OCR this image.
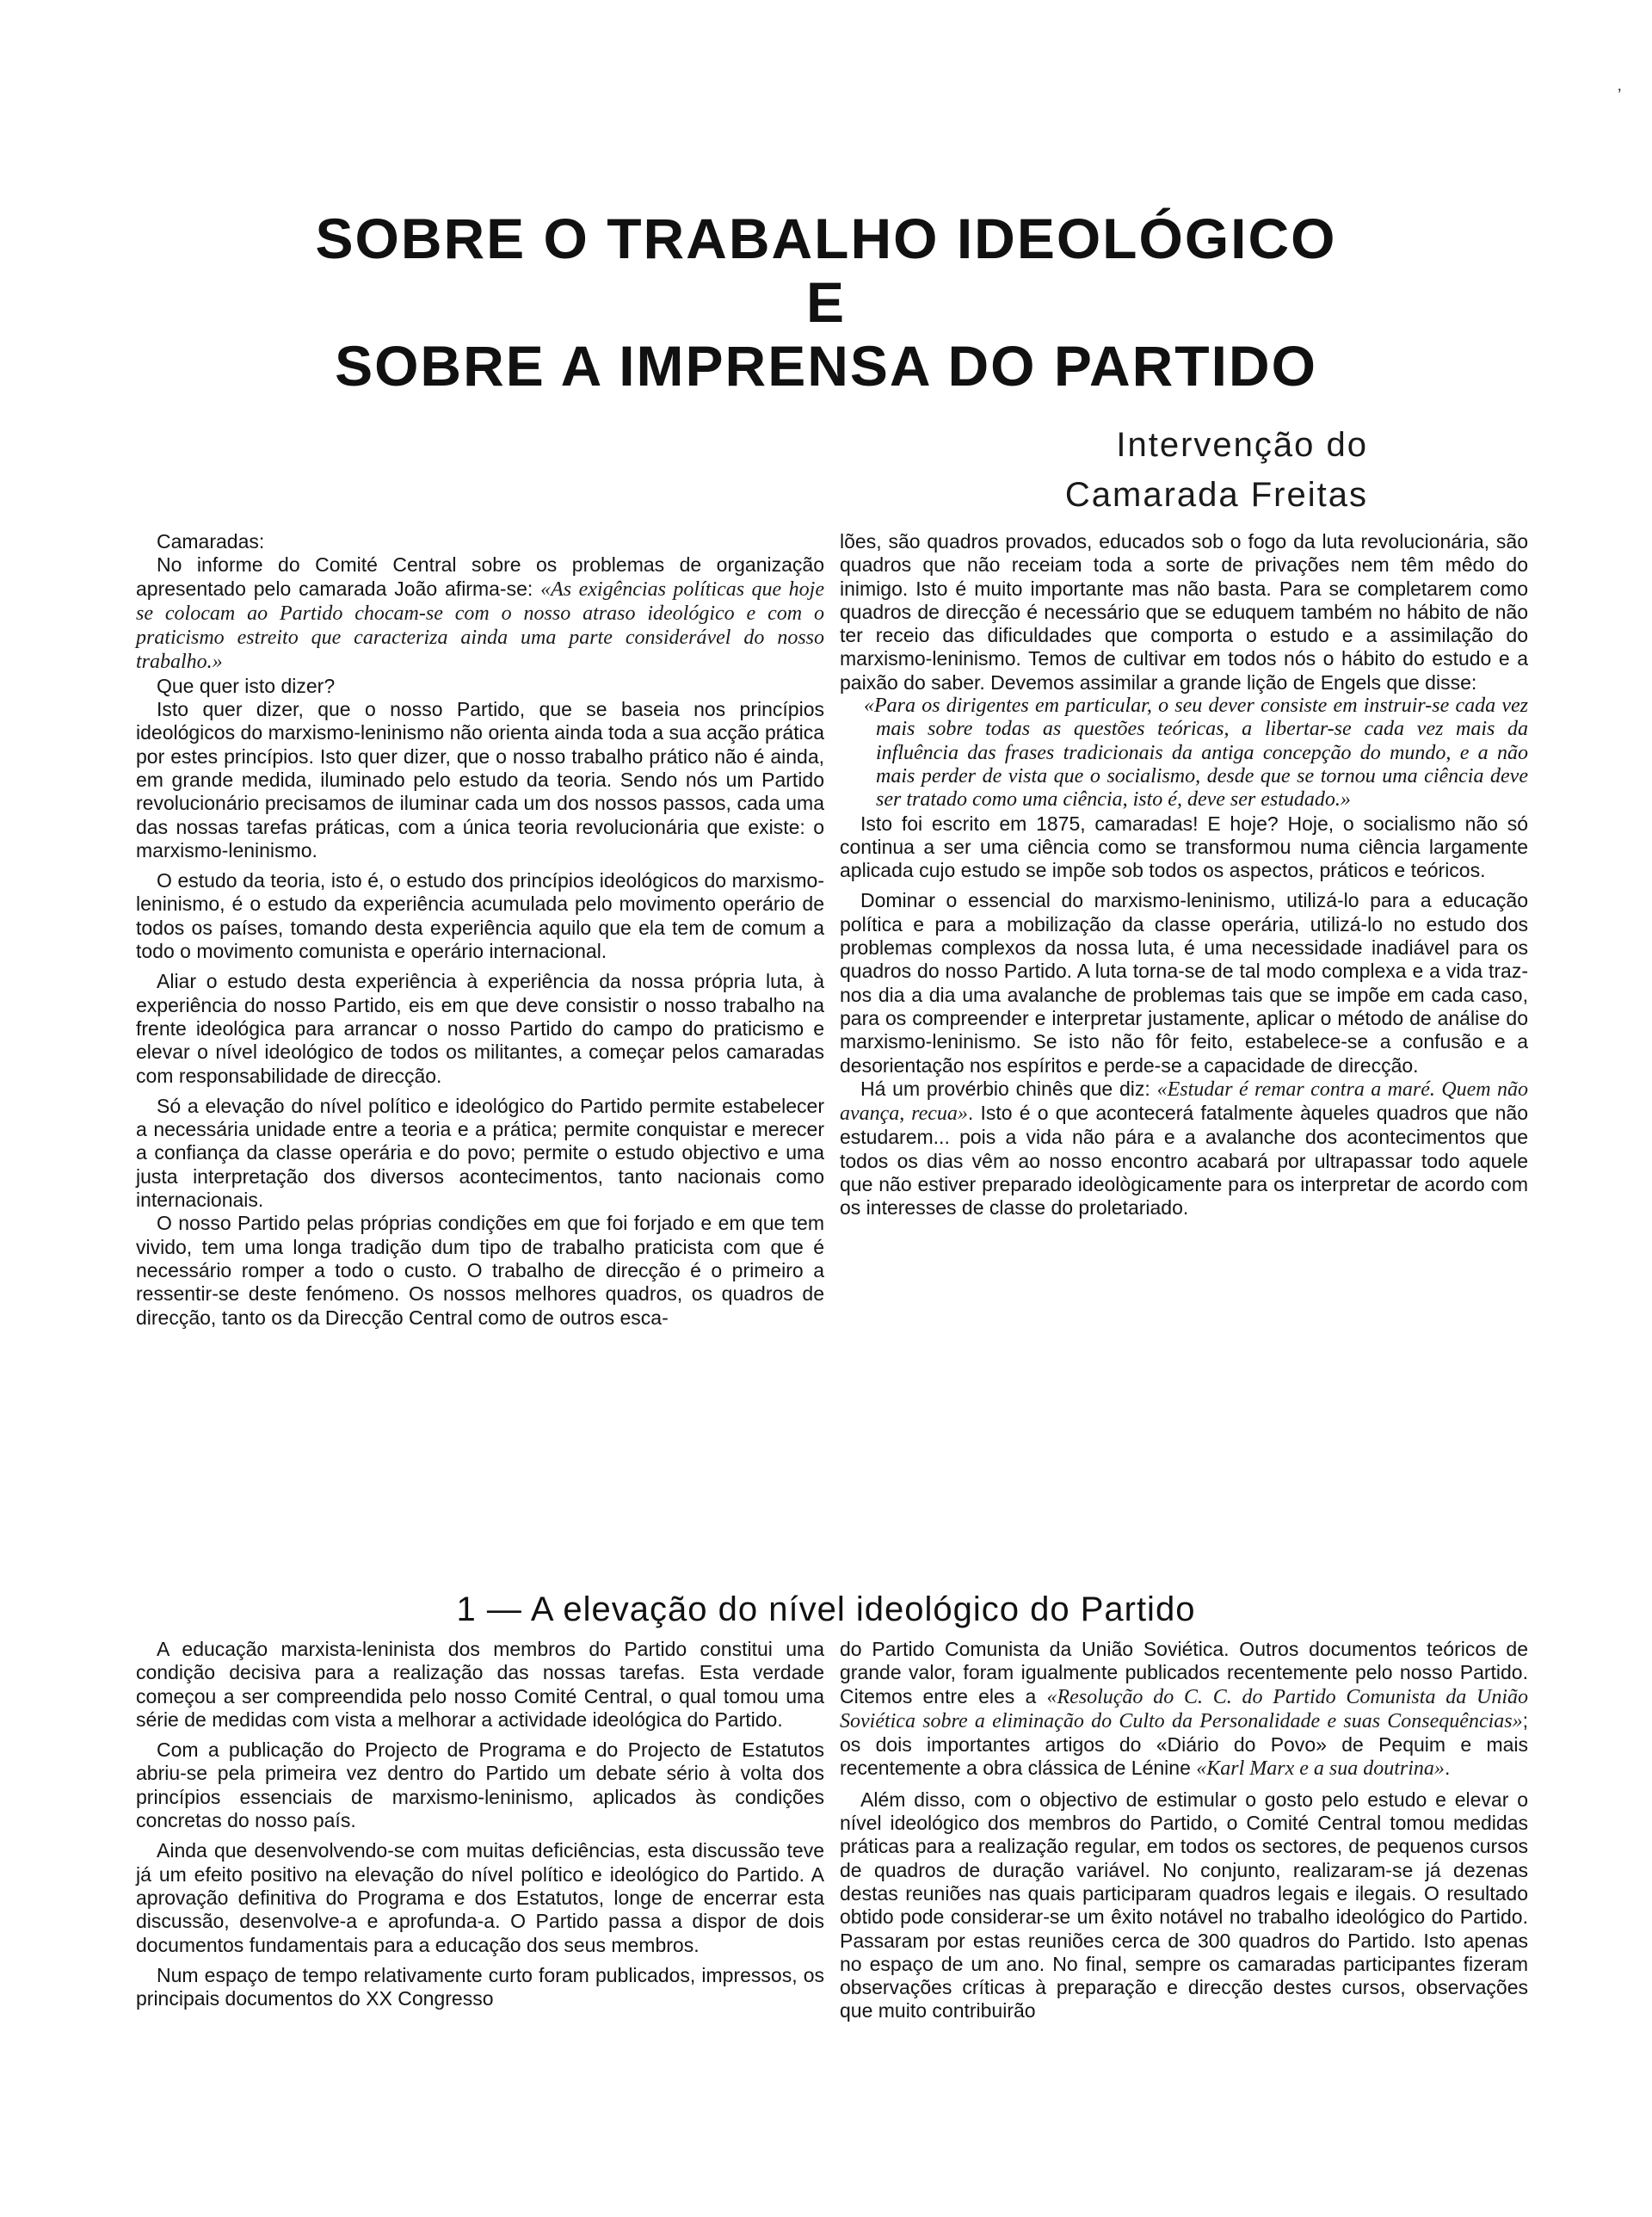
SOBRE O TRABALHO IDEOLÓGICO
E
SOBRE A IMPRENSA DO PARTIDO
Intervenção do
Camarada Freitas

Camaradas:

No informe do Comité Central sobre os problemas de organização apresentado pelo camarada João afirma-se: «As exigências políticas que hoje se colocam ao Partido chocam-se com o nosso atraso ideológico e com o praticismo estreito que caracteriza ainda uma parte considerável do nosso trabalho.»

Que quer isto dizer?

Isto quer dizer, que o nosso Partido, que se baseia nos princípios ideológicos do marxismo-leninismo não orienta ainda toda a sua acção prática por estes princípios. Isto quer dizer, que o nosso trabalho prático não é ainda, em grande medida, iluminado pelo estudo da teoria. Sendo nós um Partido revolucionário precisamos de iluminar cada um dos nossos passos, cada uma das nossas tarefas práticas, com a única teoria revolucionária que existe: o marxismo-leninismo.

O estudo da teoria, isto é, o estudo dos princípios ideológicos do marxismo-leninismo, é o estudo da experiência acumulada pelo movimento operário de todos os países, tomando desta experiência aquilo que ela tem de comum a todo o movimento comunista e operário internacional.

Aliar o estudo desta experiência à experiência da nossa própria luta, à experiência do nosso Partido, eis em que deve consistir o nosso trabalho na frente ideológica para arrancar o nosso Partido do campo do praticismo e elevar o nível ideológico de todos os militantes, a começar pelos camaradas com responsabilidade de direcção.

Só a elevação do nível político e ideológico do Partido permite estabelecer a necessária unidade entre a teoria e a prática; permite conquistar e merecer a confiança da classe operária e do povo; permite o estudo objectivo e uma justa interpretação dos diversos acontecimentos, tanto nacionais como internacionais.

O nosso Partido pelas próprias condições em que foi forjado e em que tem vivido, tem uma longa tradição dum tipo de trabalho praticista com que é necessário romper a todo o custo. O trabalho de direcção é o primeiro a ressentir-se deste fenómeno. Os nossos melhores quadros, os quadros de direcção, tanto os da Direcção Central como de outros esca-

lões, são quadros provados, educados sob o fogo da luta revolucionária, são quadros que não receiam toda a sorte de privações nem têm mêdo do inimigo. Isto é muito importante mas não basta. Para se completarem como quadros de direcção é necessário que se eduquem também no hábito de não ter receio das dificuldades que comporta o estudo e a assimilação do marxismo-leninismo. Temos de cultivar em todos nós o hábito do estudo e a paixão do saber. Devemos assimilar a grande lição de Engels que disse:

«Para os dirigentes em particular, o seu dever consiste em instruir-se cada vez mais sobre todas as questões teóricas, a libertar-se cada vez mais da influência das frases tradicionais da antiga concepção do mundo, e a não mais perder de vista que o socialismo, desde que se tornou uma ciência deve ser tratado como uma ciência, isto é, deve ser estudado.»

Isto foi escrito em 1875, camaradas! E hoje? Hoje, o socialismo não só continua a ser uma ciência como se transformou numa ciência largamente aplicada cujo estudo se impõe sob todos os aspectos, práticos e teóricos.

Dominar o essencial do marxismo-leninismo, utilizá-lo para a educação política e para a mobilização da classe operária, utilizá-lo no estudo dos problemas complexos da nossa luta, é uma necessidade inadiável para os quadros do nosso Partido. A luta torna-se de tal modo complexa e a vida traz-nos dia a dia uma avalanche de problemas tais que se impõe em cada caso, para os compreender e interpretar justamente, aplicar o método de análise do marxismo-leninismo. Se isto não fôr feito, estabelece-se a confusão e a desorientação nos espíritos e perde-se a capacidade de direcção.

Há um provérbio chinês que diz: «Estudar é remar contra a maré. Quem não avança, recua». Isto é o que acontecerá fatalmente àqueles quadros que não estudarem... pois a vida não pára e a avalanche dos acontecimentos que todos os dias vêm ao nosso encontro acabará por ultrapassar todo aquele que não estiver preparado ideològicamente para os interpretar de acordo com os interesses de classe do proletariado.

1 — A elevação do nível ideológico do Partido

A educação marxista-leninista dos membros do Partido constitui uma condição decisiva para a realização das nossas tarefas. Esta verdade começou a ser compreendida pelo nosso Comité Central, o qual tomou uma série de medidas com vista a melhorar a actividade ideológica do Partido.

Com a publicação do Projecto de Programa e do Projecto de Estatutos abriu-se pela primeira vez dentro do Partido um debate sério à volta dos princípios essenciais de marxismo-leninismo, aplicados às condições concretas do nosso país.

Ainda que desenvolvendo-se com muitas deficiências, esta discussão teve já um efeito positivo na elevação do nível político e ideológico do Partido. A aprovação definitiva do Programa e dos Estatutos, longe de encerrar esta discussão, desenvolve-a e aprofunda-a. O Partido passa a dispor de dois documentos fundamentais para a educação dos seus membros.

Num espaço de tempo relativamente curto foram publicados, impressos, os principais documentos do XX Congresso

do Partido Comunista da União Soviética. Outros documentos teóricos de grande valor, foram igualmente publicados recentemente pelo nosso Partido. Citemos entre eles a «Resolução do C. C. do Partido Comunista da União Soviética sobre a eliminação do Culto da Personalidade e suas Consequências»; os dois importantes artigos do «Diário do Povo» de Pequim e mais recentemente a obra clássica de Lénine «Karl Marx e a sua doutrina».

Além disso, com o objectivo de estimular o gosto pelo estudo e elevar o nível ideológico dos membros do Partido, o Comité Central tomou medidas práticas para a realização regular, em todos os sectores, de pequenos cursos de quadros de duração variável. No conjunto, realizaram-se já dezenas destas reuniões nas quais participaram quadros legais e ilegais. O resultado obtido pode considerar-se um êxito notável no trabalho ideológico do Partido. Passaram por estas reuniões cerca de 300 quadros do Partido. Isto apenas no espaço de um ano. No final, sempre os camaradas participantes fizeram observações críticas à preparação e direcção destes cursos, observações que muito contribuirão

’
